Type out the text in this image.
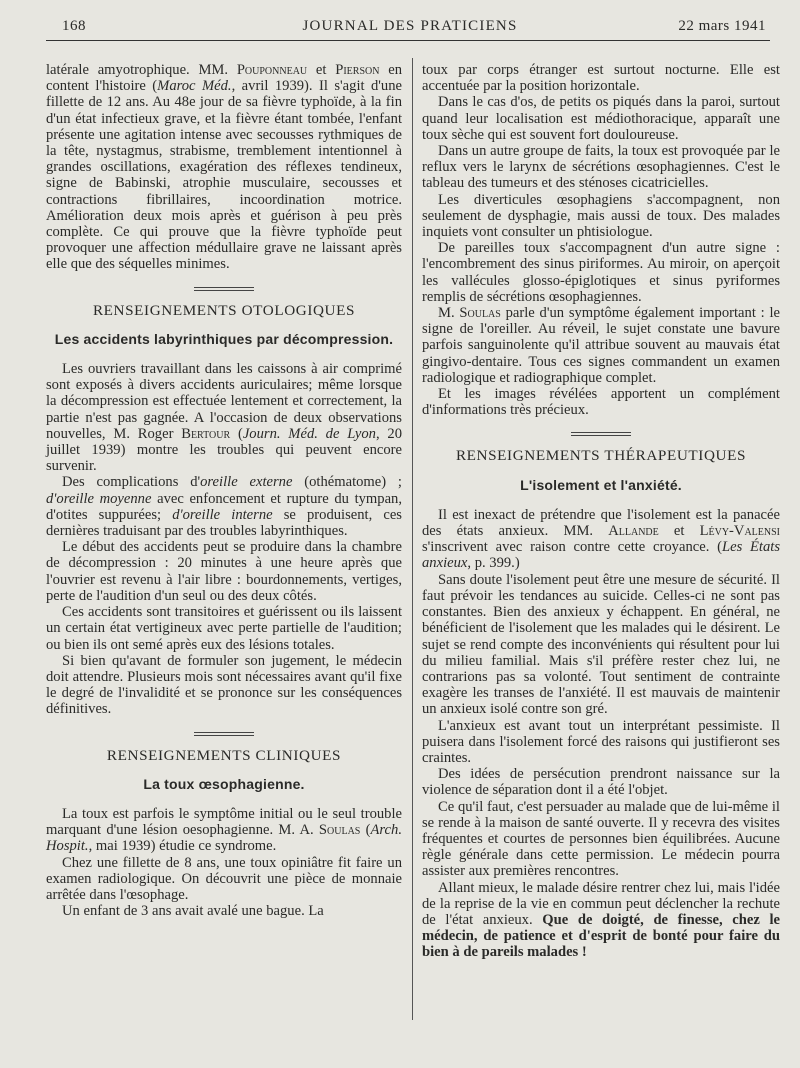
168	JOURNAL DES PRATICIENS	22 mars 1941

latérale amyotrophique. MM. Pouponneau et Pierson en content l'histoire (Maroc Méd., avril 1939). Il s'agit d'une fillette de 12 ans. Au 48e jour de sa fièvre typhoïde, à la fin d'un état infectieux grave, et la fièvre étant tombée, l'enfant présente une agitation intense avec secousses rythmiques de la tête, nystagmus, strabisme, tremblement intentionnel à grandes oscillations, exagération des réflexes tendineux, signe de Babinski, atrophie musculaire, secousses et contractions fibrillaires, incoordination motrice. Amélioration deux mois après et guérison à peu près complète. Ce qui prouve que la fièvre typhoïde peut provoquer une affection médullaire grave ne laissant après elle que des séquelles minimes.

RENSEIGNEMENTS OTOLOGIQUES
Les accidents labyrinthiques par décompression.

Les ouvriers travaillant dans les caissons à air comprimé sont exposés à divers accidents auriculaires; même lorsque la décompression est effectuée lentement et correctement, la partie n'est pas gagnée. A l'occasion de deux observations nouvelles, M. Roger Bertour (Journ. Méd. de Lyon, 20 juillet 1939) montre les troubles qui peuvent encore survenir.

Des complications d'oreille externe (othématome) ; d'oreille moyenne avec enfoncement et rupture du tympan, d'otites suppurées; d'oreille interne se produisent, ces dernières traduisant par des troubles labyrinthiques.

Le début des accidents peut se produire dans la chambre de décompression : 20 minutes à une heure après que l'ouvrier est revenu à l'air libre : bourdonnements, vertiges, perte de l'audition d'un seul ou des deux côtés.

Ces accidents sont transitoires et guérissent ou ils laissent un certain état vertigineux avec perte partielle de l'audition; ou bien ils ont semé après eux des lésions totales.

Si bien qu'avant de formuler son jugement, le médecin doit attendre. Plusieurs mois sont nécessaires avant qu'il fixe le degré de l'invalidité et se prononce sur les conséquences définitives.

RENSEIGNEMENTS CLINIQUES
La toux œsophagienne.

La toux est parfois le symptôme initial ou le seul trouble marquant d'une lésion oesophagienne. M. A. Soulas (Arch. Hospit., mai 1939) étudie ce syndrome.

Chez une fillette de 8 ans, une toux opiniâtre fit faire un examen radiologique. On découvrit une pièce de monnaie arrêtée dans l'œsophage.

Un enfant de 3 ans avait avalé une bague. La

toux par corps étranger est surtout nocturne. Elle est accentuée par la position horizontale.

Dans le cas d'os, de petits os piqués dans la paroi, surtout quand leur localisation est médiothoracique, apparaît une toux sèche qui est souvent fort douloureuse.

Dans un autre groupe de faits, la toux est provoquée par le reflux vers le larynx de sécrétions œsophagiennes. C'est le tableau des tumeurs et des sténoses cicatricielles.

Les diverticules œsophagiens s'accompagnent, non seulement de dysphagie, mais aussi de toux. Des malades inquiets vont consulter un phtisiologue.

De pareilles toux s'accompagnent d'un autre signe : l'encombrement des sinus piriformes. Au miroir, on aperçoit les vallécules glosso-épiglotiques et sinus pyriformes remplis de sécrétions œsophagiennes.

M. Soulas parle d'un symptôme également important : le signe de l'oreiller. Au réveil, le sujet constate une bavure parfois sanguinolente qu'il attribue souvent au mauvais état gingivo-dentaire. Tous ces signes commandent un examen radiologique et radiographique complet.

Et les images révélées apportent un complément d'informations très précieux.

RENSEIGNEMENTS THÉRAPEUTIQUES
L'isolement et l'anxiété.

Il est inexact de prétendre que l'isolement est la panacée des états anxieux. MM. Allande et Lévy-Valensi s'inscrivent avec raison contre cette croyance. (Les États anxieux, p. 399.)

Sans doute l'isolement peut être une mesure de sécurité. Il faut prévoir les tendances au suicide. Celles-ci ne sont pas constantes. Bien des anxieux y échappent. En général, ne bénéficient de l'isolement que les malades qui le désirent. Le sujet se rend compte des inconvénients qui résultent pour lui du milieu familial. Mais s'il préfère rester chez lui, ne contrarions pas sa volonté. Tout sentiment de contrainte exagère les transes de l'anxiété. Il est mauvais de maintenir un anxieux isolé contre son gré.

L'anxieux est avant tout un interprétant pessimiste. Il puisera dans l'isolement forcé des raisons qui justifieront ses craintes.

Des idées de persécution prendront naissance sur la violence de séparation dont il a été l'objet.

Ce qu'il faut, c'est persuader au malade que de lui-même il se rende à la maison de santé ouverte. Il y recevra des visites fréquentes et courtes de personnes bien équilibrées. Aucune règle générale dans cette permission. Le médecin pourra assister aux premières rencontres.

Allant mieux, le malade désire rentrer chez lui, mais l'idée de la reprise de la vie en commun peut déclencher la rechute de l'état anxieux. Que de doigté, de finesse, chez le médecin, de patience et d'esprit de bonté pour faire du bien à de pareils malades !
